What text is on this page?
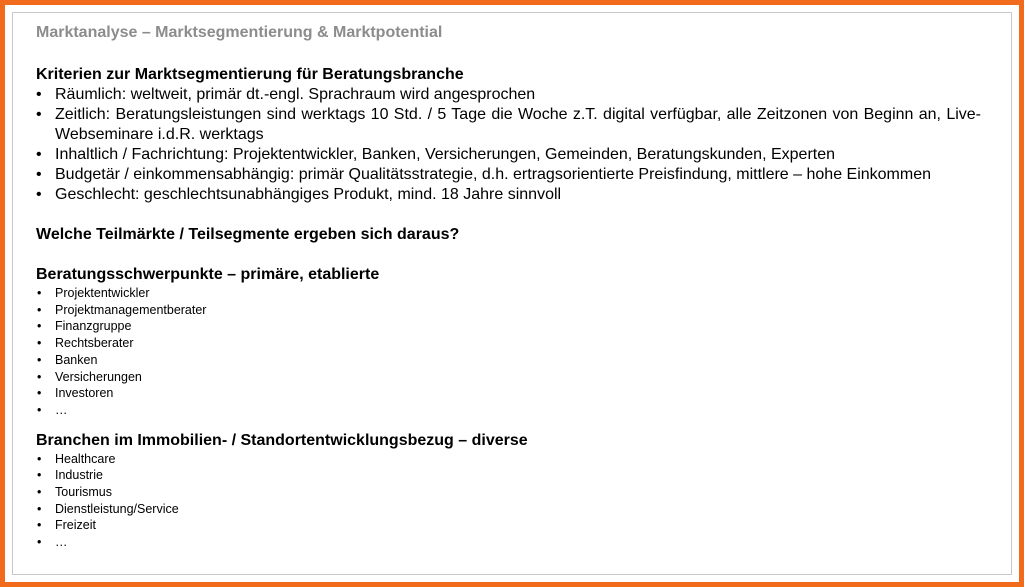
Marktanalyse – Marktsegmentierung & Marktpotential
Kriterien zur Marktsegmentierung für Beratungsbranche
• Räumlich: weltweit, primär dt.-engl. Sprachraum wird angesprochen
• Zeitlich: Beratungsleistungen sind werktags 10 Std. / 5 Tage die Woche z.T. digital verfügbar, alle Zeitzonen von Beginn an, Live-Webseminare i.d.R. werktags
• Inhaltlich / Fachrichtung: Projektentwickler, Banken, Versicherungen, Gemeinden, Beratungskunden, Experten
• Budgetär / einkommensabhängig: primär Qualitätsstrategie, d.h. ertragsorientierte Preisfindung, mittlere – hohe Einkommen
• Geschlecht: geschlechtsunabhängiges Produkt, mind. 18 Jahre sinnvoll
Welche Teilmärkte / Teilsegmente ergeben sich daraus?
Beratungsschwerpunkte – primäre, etablierte
• Projektentwickler
• Projektmanagementberater
• Finanzgruppe
• Rechtsberater
• Banken
• Versicherungen
• Investoren
• …
Branchen im Immobilien- / Standortentwicklungsbezug – diverse
• Healthcare
• Industrie
• Tourismus
• Dienstleistung/Service
• Freizeit
• …
